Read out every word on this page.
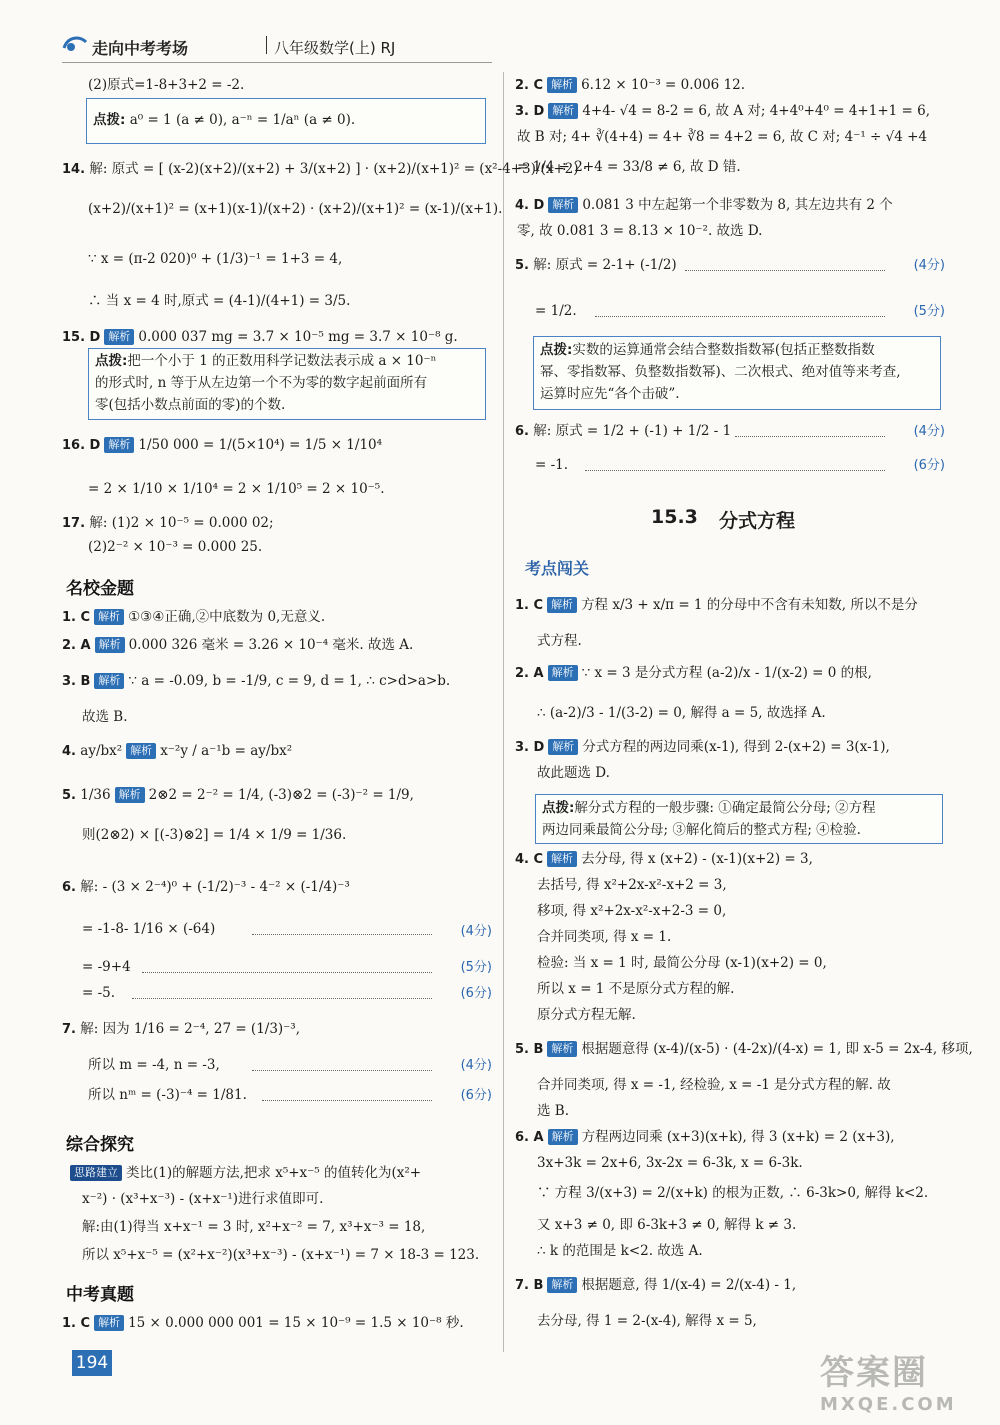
走向中考考场	八年级数学(上) RJ
(2)原式=1-8+3+2 = -2.
点拨: a⁰ = 1 (a ≠ 0), a⁻ⁿ = 1/aⁿ (a ≠ 0).
14. 解: 原式 = [ (x-2)(x+2)/(x+2) + 3/(x+2) ] · (x+2)/(x+1)² = (x²-4+3)/(x+2) ·
(x+2)/(x+1)² = (x+1)(x-1)/(x+2) · (x+2)/(x+1)² = (x-1)/(x+1).
∵ x = (π-2 020)⁰ + (1/3)⁻¹ = 1+3 = 4,
∴ 当 x = 4 时,原式 = (4-1)/(4+1) = 3/5.
15. D 解析 0.000 037 mg = 3.7 × 10⁻⁵ mg = 3.7 × 10⁻⁸ g.
点拨:把一个小于 1 的正数用科学记数法表示成 a × 10⁻ⁿ
的形式时, n 等于从左边第一个不为零的数字起前面所有
零(包括小数点前面的零)的个数.
16. D 解析 1/50 000 = 1/(5×10⁴) = 1/5 × 1/10⁴
= 2 × 1/10 × 1/10⁴ = 2 × 1/10⁵ = 2 × 10⁻⁵.
17. 解: (1)2 × 10⁻⁵ = 0.000 02;
(2)2⁻² × 10⁻³ = 0.000 25.
名校金题
1. C 解析 ①③④正确,②中底数为 0,无意义.
2. A 解析 0.000 326 毫米 = 3.26 × 10⁻⁴ 毫米. 故选 A.
3. B 解析 ∵ a = -0.09, b = -1/9, c = 9, d = 1, ∴ c>d>a>b.
故选 B.
4. ay/bx² 解析 x⁻²y / a⁻¹b = ay/bx²
5. 1/36 解析 2⊗2 = 2⁻² = 1/4, (-3)⊗2 = (-3)⁻² = 1/9,
则(2⊗2) × [(-3)⊗2] = 1/4 × 1/9 = 1/36.
6. 解: - (3 × 2⁻⁴)⁰ + (-1/2)⁻³ - 4⁻² × (-1/4)⁻³
= -1-8- 1/16 × (-64)	(4分)
= -9+4	(5分)
= -5.	(6分)
7. 解: 因为 1/16 = 2⁻⁴, 27 = (1/3)⁻³,
所以 m = -4, n = -3,	(4分)
所以 nᵐ = (-3)⁻⁴ = 1/81.	(6分)
综合探究
思路建立 类比(1)的解题方法,把求 x⁵+x⁻⁵ 的值转化为(x²+
x⁻²) · (x³+x⁻³) - (x+x⁻¹)进行求值即可.
解:由(1)得当 x+x⁻¹ = 3 时, x²+x⁻² = 7, x³+x⁻³ = 18,
所以 x⁵+x⁻⁵ = (x²+x⁻²)(x³+x⁻³) - (x+x⁻¹) = 7 × 18-3 = 123.
中考真题
1. C 解析 15 × 0.000 000 001 = 15 × 10⁻⁹ = 1.5 × 10⁻⁸ 秒.
2. C 解析 6.12 × 10⁻³ = 0.006 12.
3. D 解析 4+4- √4 = 8-2 = 6, 故 A 对; 4+4⁰+4⁰ = 4+1+1 = 6,
故 B 对; 4+ ∛(4+4) = 4+ ∛8 = 4+2 = 6, 故 C 对; 4⁻¹ ÷ √4 +4
= 1/4 ÷ 2+4 = 33/8 ≠ 6, 故 D 错.
4. D 解析 0.081 3 中左起第一个非零数为 8, 其左边共有 2 个
零, 故 0.081 3 = 8.13 × 10⁻². 故选 D.
5. 解: 原式 = 2-1+ (-1/2)	(4分)
= 1/2.	(5分)
点拨:实数的运算通常会结合整数指数幂(包括正整数指数
幂、零指数幂、负整数指数幂)、二次根式、绝对值等来考查,
运算时应先“各个击破”.
6. 解: 原式 = 1/2 + (-1) + 1/2 - 1	(4分)
= -1.	(6分)
15.3 分式方程
考点闯关
1. C 解析 方程 x/3 + x/π = 1 的分母中不含有未知数, 所以不是分
式方程.
2. A 解析 ∵ x = 3 是分式方程 (a-2)/x - 1/(x-2) = 0 的根,
∴ (a-2)/3 - 1/(3-2) = 0, 解得 a = 5, 故选择 A.
3. D 解析 分式方程的两边同乘(x-1), 得到 2-(x+2) = 3(x-1),
故此题选 D.
点拨:解分式方程的一般步骤: ①确定最简公分母; ②方程
两边同乘最简公分母; ③解化简后的整式方程; ④检验.
4. C 解析 去分母, 得 x (x+2) - (x-1)(x+2) = 3,
去括号, 得 x²+2x-x²-x+2 = 3,
移项, 得 x²+2x-x²-x+2-3 = 0,
合并同类项, 得 x = 1.
检验: 当 x = 1 时, 最简公分母 (x-1)(x+2) = 0,
所以 x = 1 不是原分式方程的解.
原分式方程无解.
5. B 解析 根据题意得 (x-4)/(x-5) · (4-2x)/(4-x) = 1, 即 x-5 = 2x-4, 移项,
合并同类项, 得 x = -1, 经检验, x = -1 是分式方程的解. 故
选 B.
6. A 解析 方程两边同乘 (x+3)(x+k), 得 3 (x+k) = 2 (x+3),
3x+3k = 2x+6, 3x-2x = 6-3k, x = 6-3k.
∵ 方程 3/(x+3) = 2/(x+k) 的根为正数, ∴ 6-3k>0, 解得 k<2.
又 x+3 ≠ 0, 即 6-3k+3 ≠ 0, 解得 k ≠ 3.
∴ k 的范围是 k<2. 故选 A.
7. B 解析 根据题意, 得 1/(x-4) = 2/(x-4) - 1,
去分母, 得 1 = 2-(x-4), 解得 x = 5,
194	答案圈
MXQE.COM
